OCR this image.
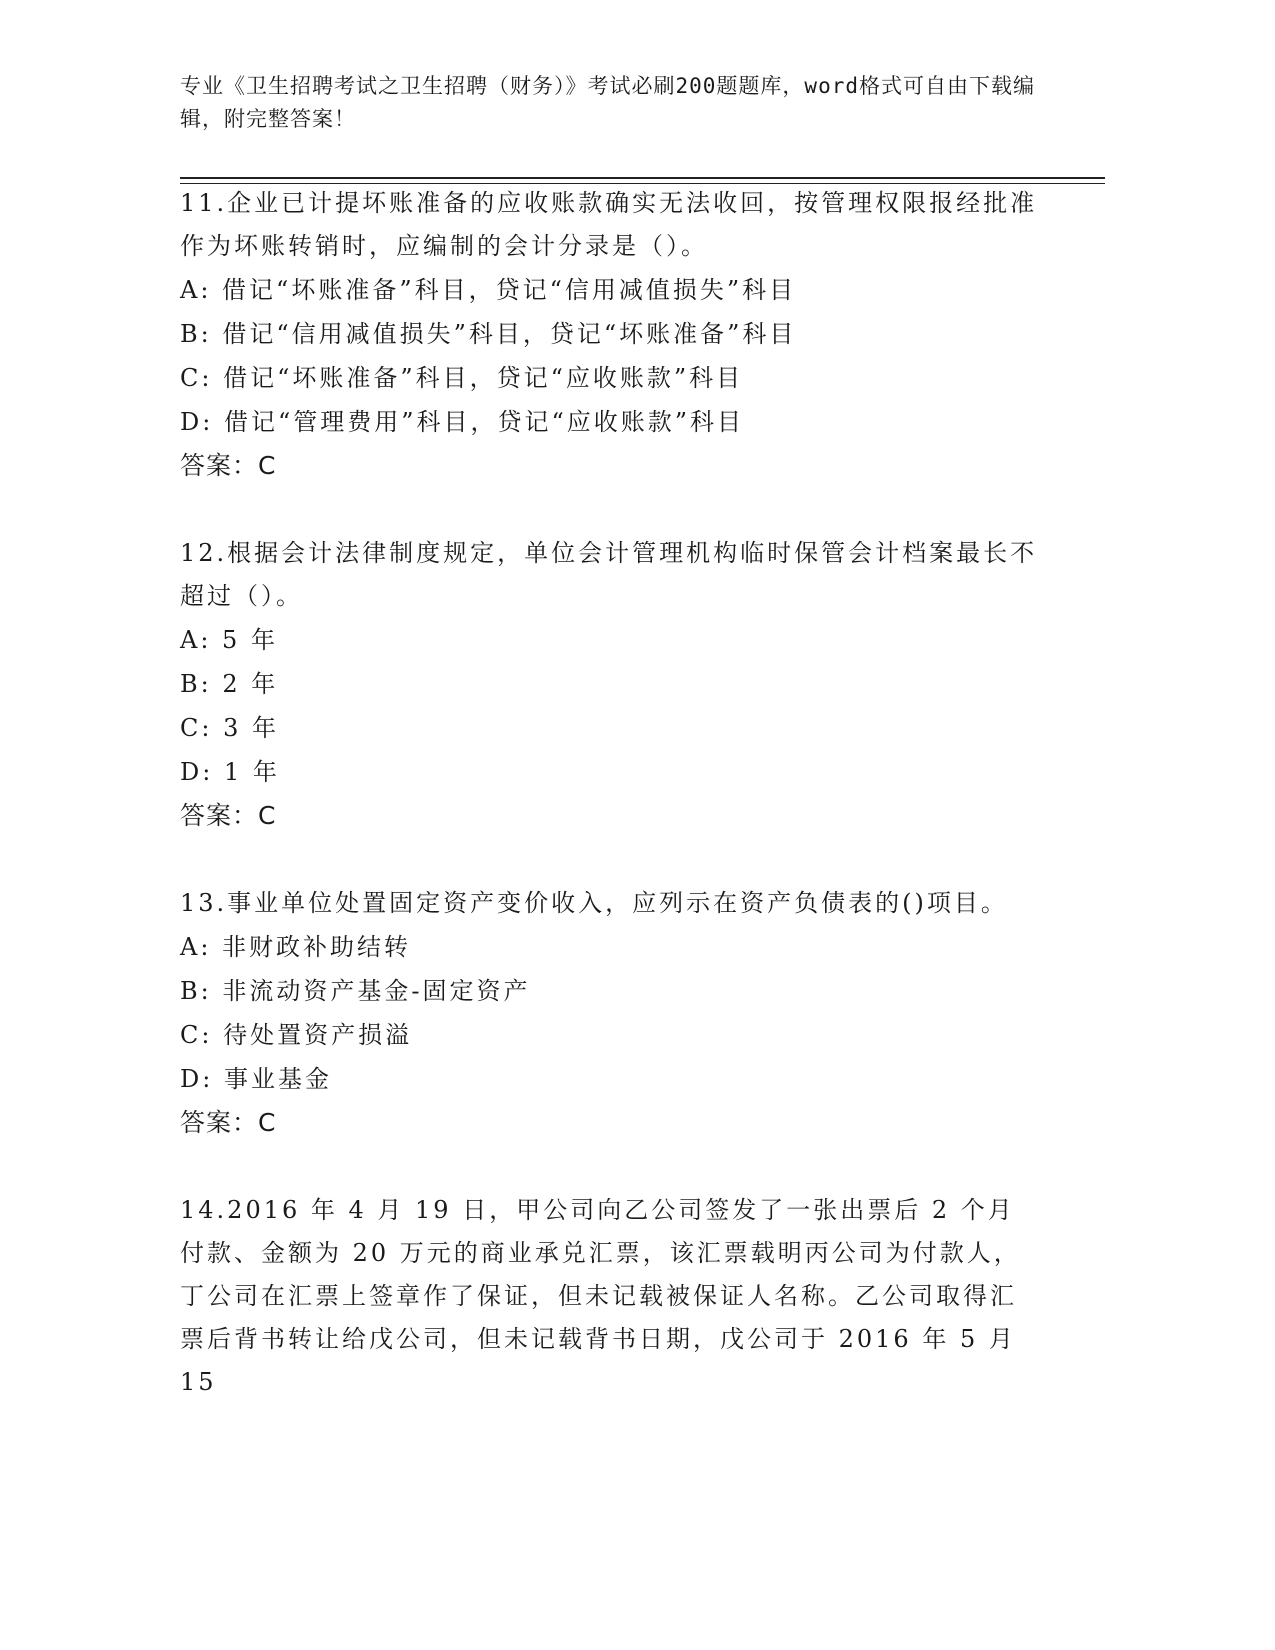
专业《卫生招聘考试之卫生招聘（财务）》考试必刷200题题库，word格式可自由下载编辑，附完整答案！

11.企业已计提坏账准备的应收账款确实无法收回，按管理权限报经批准作为坏账转销时，应编制的会计分录是（）。

A: 借记“坏账准备”科目，贷记“信用减值损失”科目

B: 借记“信用减值损失”科目，贷记“坏账准备”科目

C: 借记“坏账准备”科目，贷记“应收账款”科目

D: 借记“管理费用”科目，贷记“应收账款”科目

答案：C

12.根据会计法律制度规定，单位会计管理机构临时保管会计档案最长不超过（）。

A: 5 年

B: 2 年

C: 3 年

D: 1 年

答案：C

13.事业单位处置固定资产变价收入，应列示在资产负债表的()项目。

A: 非财政补助结转

B: 非流动资产基金-固定资产

C: 待处置资产损溢

D: 事业基金

答案：C

14.2016 年 4 月 19 日，甲公司向乙公司签发了一张出票后 2 个月付款、金额为 20 万元的商业承兑汇票，该汇票载明丙公司为付款人，丁公司在汇票上签章作了保证，但未记载被保证人名称。乙公司取得汇票后背书转让给戊公司，但未记载背书日期，戊公司于 2016 年 5 月 15
